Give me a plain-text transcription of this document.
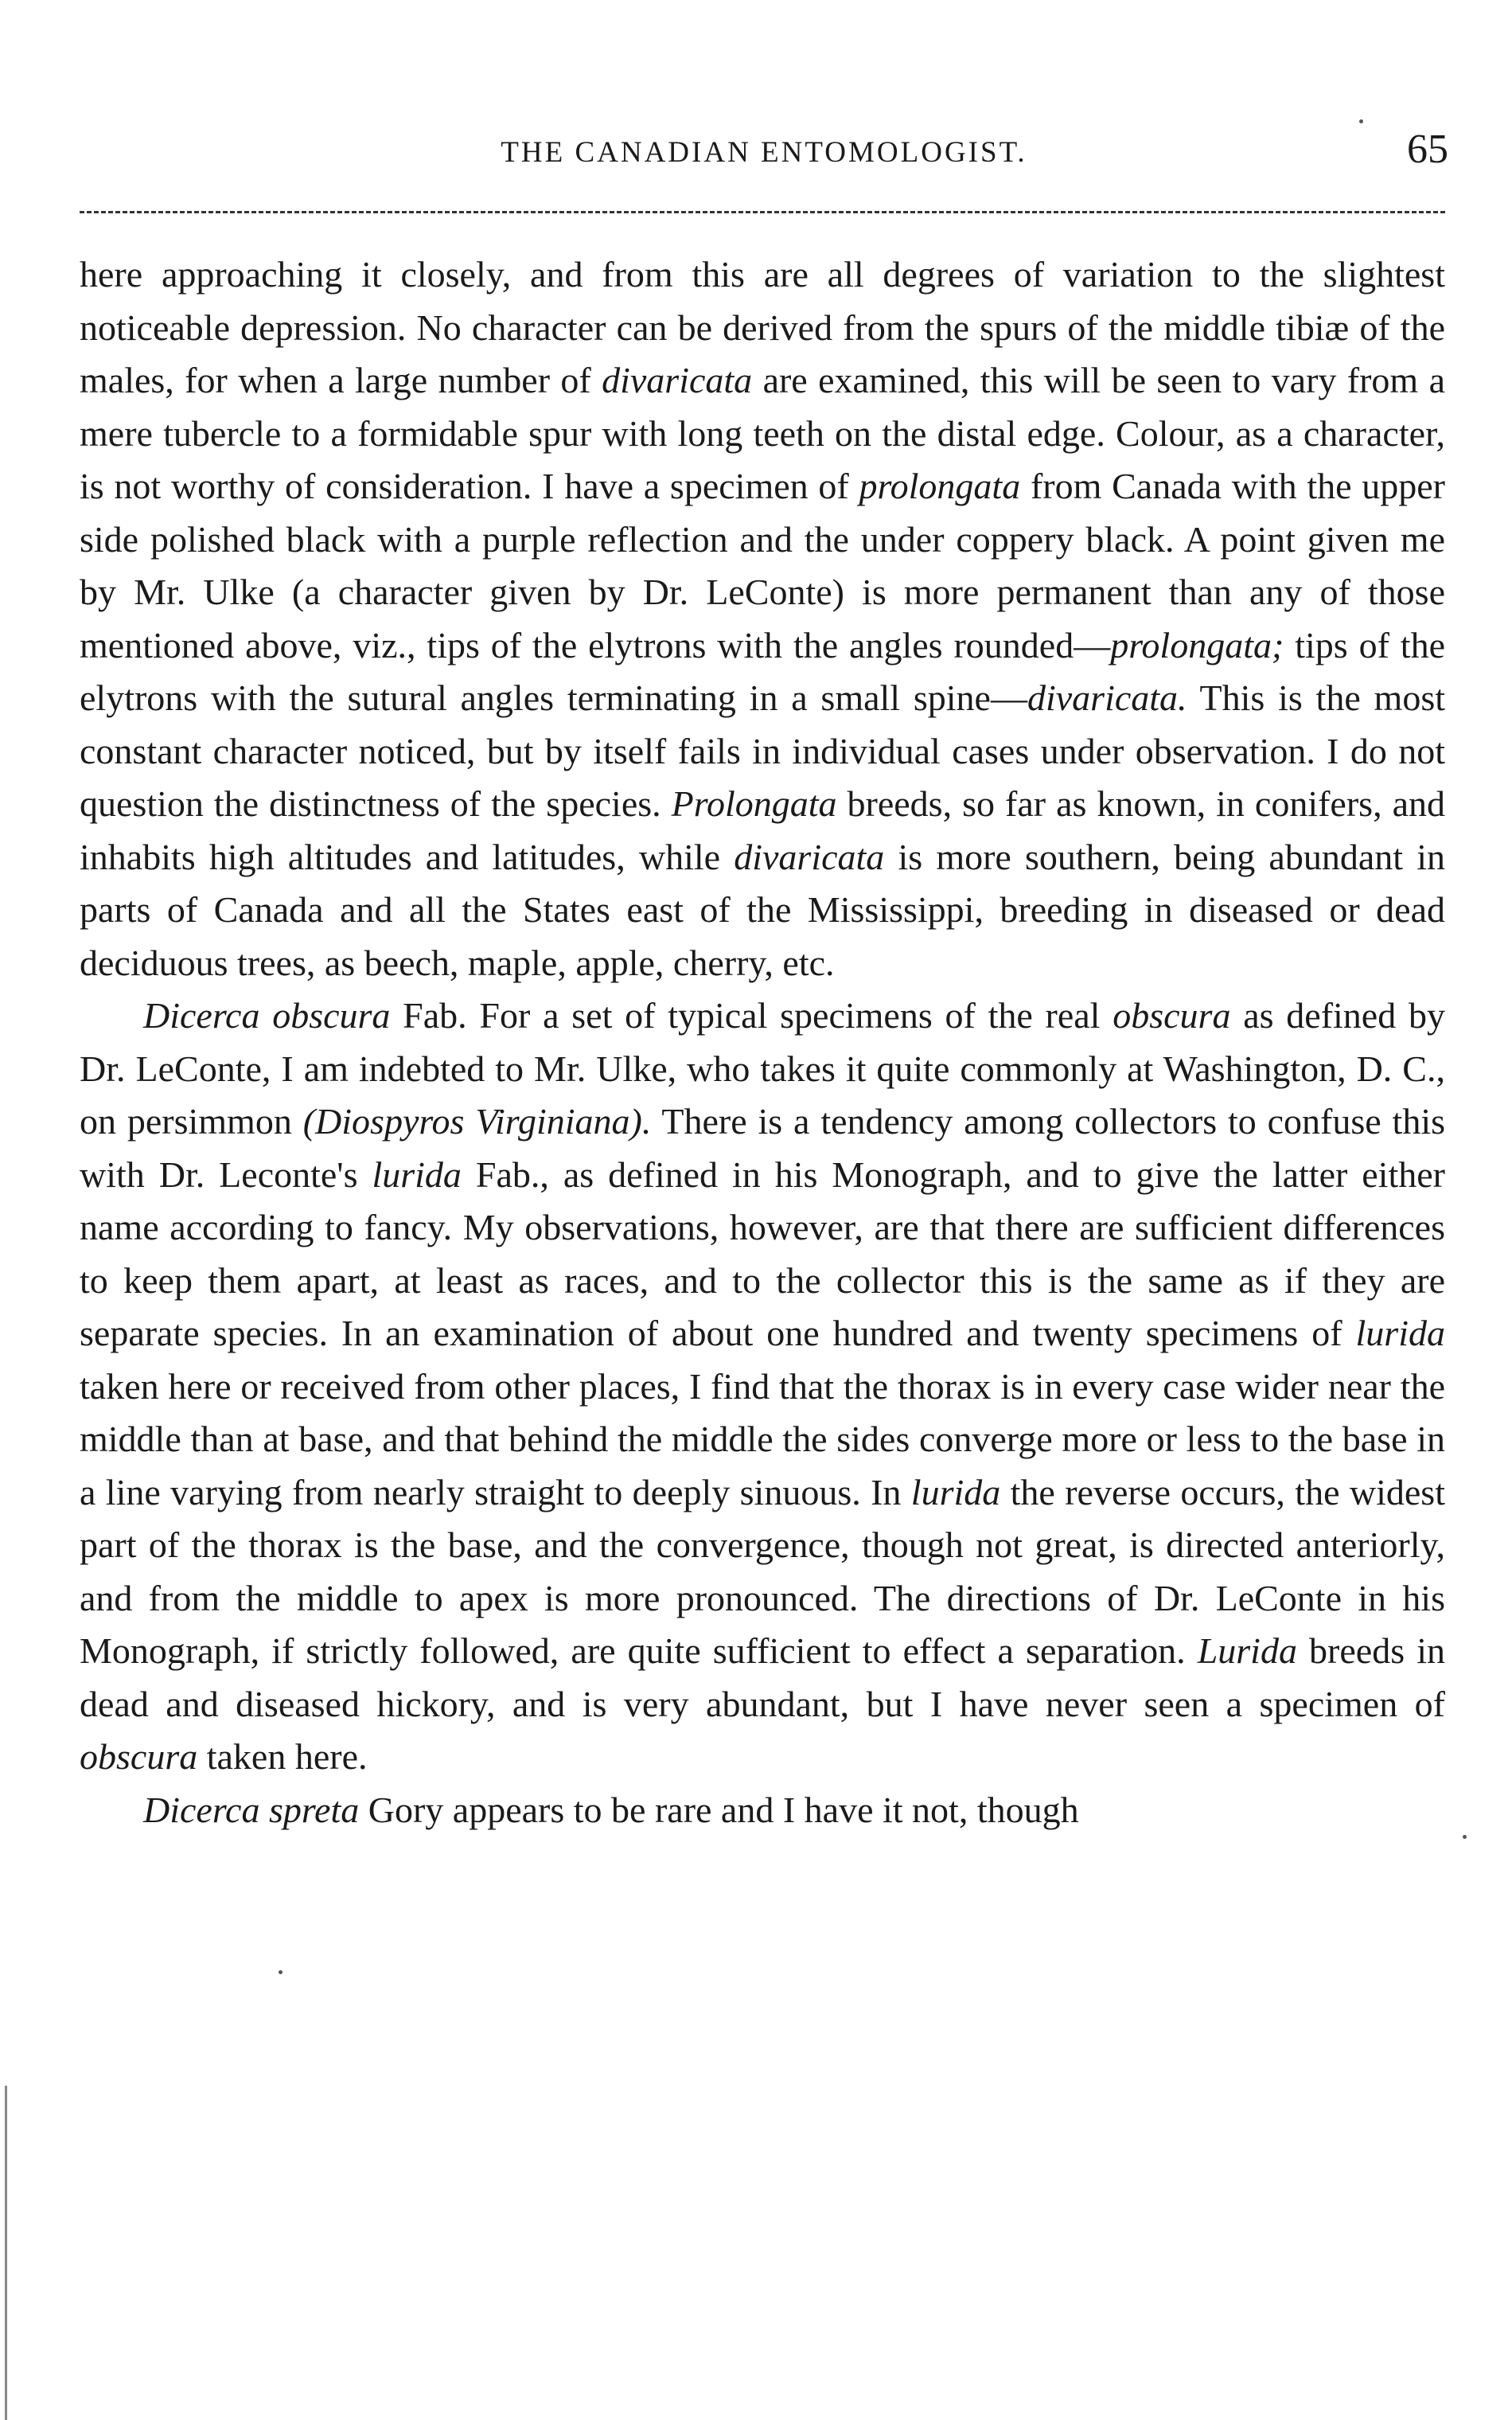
THE CANADIAN ENTOMOLOGIST.	65

here approaching it closely, and from this are all degrees of variation to the slightest noticeable depression. No character can be derived from the spurs of the middle tibiæ of the males, for when a large number of divaricata are examined, this will be seen to vary from a mere tubercle to a formidable spur with long teeth on the distal edge. Colour, as a character, is not worthy of consideration. I have a specimen of prolongata from Canada with the upper side polished black with a purple reflection and the under coppery black. A point given me by Mr. Ulke (a character given by Dr. LeConte) is more permanent than any of those mentioned above, viz., tips of the elytrons with the angles rounded—prolongata; tips of the elytrons with the sutural angles terminating in a small spine—divaricata. This is the most constant character noticed, but by itself fails in individual cases under observation. I do not question the distinctness of the species. Prolongata breeds, so far as known, in conifers, and inhabits high altitudes and latitudes, while divaricata is more southern, being abundant in parts of Canada and all the States east of the Mississippi, breeding in diseased or dead deciduous trees, as beech, maple, apple, cherry, etc.

Dicerca obscura Fab. For a set of typical specimens of the real obscura as defined by Dr. LeConte, I am indebted to Mr. Ulke, who takes it quite commonly at Washington, D. C., on persimmon (Diospyros Virginiana). There is a tendency among collectors to confuse this with Dr. Leconte's lurida Fab., as defined in his Monograph, and to give the latter either name according to fancy. My observations, however, are that there are sufficient differences to keep them apart, at least as races, and to the collector this is the same as if they are separate species. In an examination of about one hundred and twenty specimens of lurida taken here or received from other places, I find that the thorax is in every case wider near the middle than at base, and that behind the middle the sides converge more or less to the base in a line varying from nearly straight to deeply sinuous. In lurida the reverse occurs, the widest part of the thorax is the base, and the convergence, though not great, is directed anteriorly, and from the middle to apex is more pronounced. The directions of Dr. LeConte in his Monograph, if strictly followed, are quite sufficient to effect a separation. Lurida breeds in dead and diseased hickory, and is very abundant, but I have never seen a specimen of obscura taken here.

Dicerca spreta Gory appears to be rare and I have it not, though
